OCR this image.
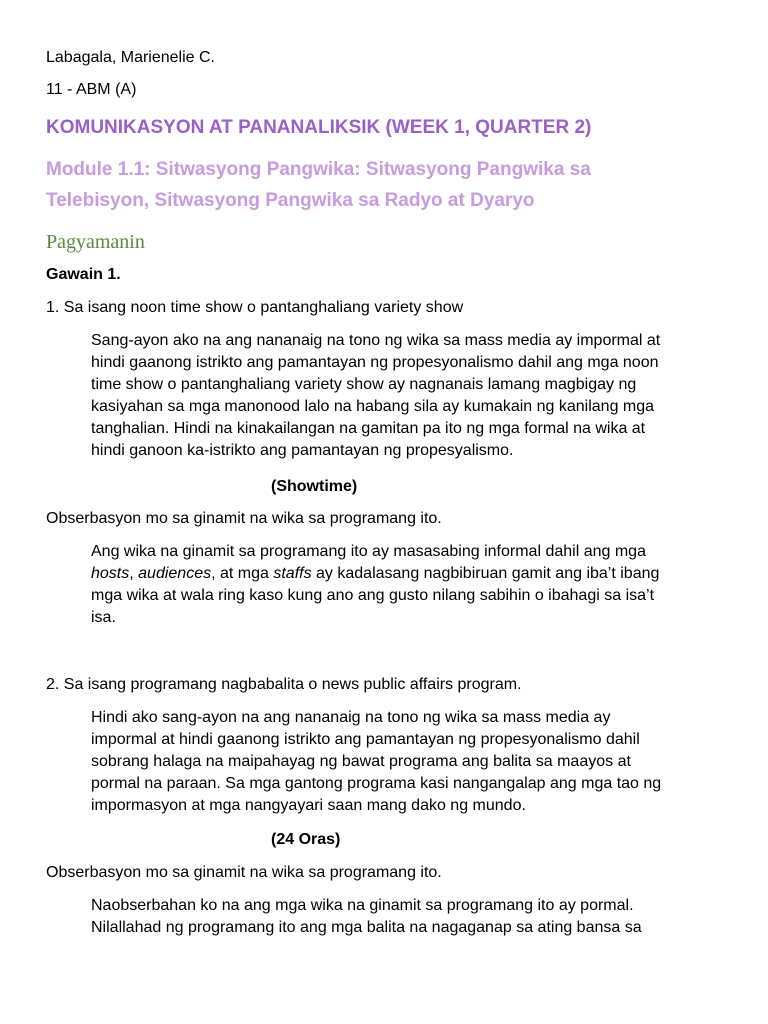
Labagala, Marienelie C.
11 - ABM (A)
KOMUNIKASYON AT PANANALIKSIK (WEEK 1, QUARTER 2)
Module 1.1: Sitwasyong Pangwika: Sitwasyong Pangwika sa
Telebisyon, Sitwasyong Pangwika sa Radyo at Dyaryo
Pagyamanin
Gawain 1.
1. Sa isang noon time show o pantanghaliang variety show
Sang-ayon ako na ang nananaig na tono ng wika sa mass media ay impormal at
hindi gaanong istrikto ang pamantayan ng propesyonalismo dahil ang mga noon
time show o pantanghaliang variety show ay nagnanais lamang magbigay ng
kasiyahan sa mga manonood lalo na habang sila ay kumakain ng kanilang mga
tanghalian. Hindi na kinakailangan na gamitan pa ito ng mga formal na wika at
hindi ganoon ka-istrikto ang pamantayan ng propesyalismo.
(Showtime)
Obserbasyon mo sa ginamit na wika sa programang ito.
Ang wika na ginamit sa programang ito ay masasabing informal dahil ang mga
hosts, audiences, at mga staffs ay kadalasang nagbibiruan gamit ang iba’t ibang
mga wika at wala ring kaso kung ano ang gusto nilang sabihin o ibahagi sa isa’t
isa.
2. Sa isang programang nagbabalita o news public affairs program.
Hindi ako sang-ayon na ang nananaig na tono ng wika sa mass media ay
impormal at hindi gaanong istrikto ang pamantayan ng propesyonalismo dahil
sobrang halaga na maipahayag ng bawat programa ang balita sa maayos at
pormal na paraan. Sa mga gantong programa kasi nangangalap ang mga tao ng
impormasyon at mga nangyayari saan mang dako ng mundo.
(24 Oras)
Obserbasyon mo sa ginamit na wika sa programang ito.
Naobserbahan ko na ang mga wika na ginamit sa programang ito ay pormal.
Nilallahad ng programang ito ang mga balita na nagaganap sa ating bansa sa
